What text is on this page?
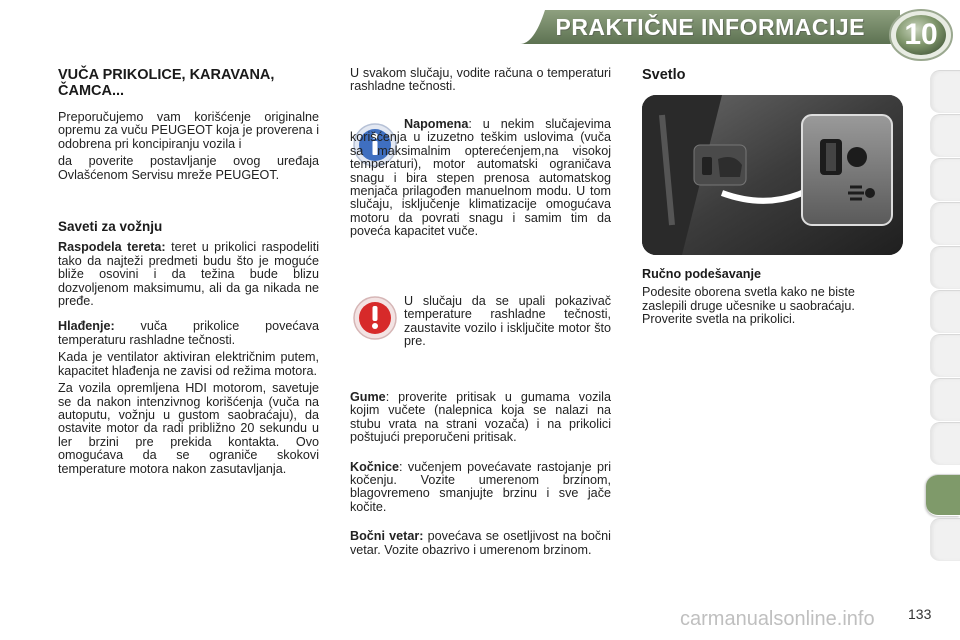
PRAKTIČNE INFORMACIJE	10
VUČA PRIKOLICE, KARAVANA, ČAMCA...

Preporučujemo vam korišćenje originalne opremu za vuču PEUGEOT koja je proverena i odobrena pri koncipiranju vozila i

da poverite postavljanje ovog uređaja Ovlašćenom Servisu mreže PEUGEOT.

Saveti za vožnju

Raspodela tereta: teret u prikolici raspodeliti tako da najteži predmeti budu što je moguće bliže osovini i da težina bude blizu dozvoljenom maksimumu, ali da ga nikada ne pređe.

Hlađenje: vuča prikolice povećava temperaturu rashladne tečnosti.

Kada je ventilator aktiviran električnim putem, kapacitet hlađenja ne zavisi od režima motora.

Za vozila opremljena HDI motorom, savetuje se da nakon intenzivnog korišćenja (vuča na autoputu, vožnju u gustom saobraćaju), da ostavite motor da radi približno 20 sekundu u ler brzini pre prekida kontakta. Ovo omogućava da se ograniče skokovi temperature motora nakon zasutavljanja.

U svakom slučaju, vodite računa o temperaturi rashladne tečnosti.

Napomena: u nekim slučajevima korišćenja u izuzetno teškim uslovima (vuča sa maksimalnim opterećenjem,na visokoj temperaturi), motor automatski ograničava snagu i bira stepen prenosa automatskog menjača prilagođen manuelnom modu. U tom slučaju, isključenje klimatizacije omogućava motoru da povrati snagu i samim tim da poveća kapacitet vuče.

U slučaju da se upali pokazivač temperature rashladne tečnosti, zaustavite vozilo i isključite motor što pre.

Gume: proverite pritisak u gumama vozila kojim vučete (nalepnica koja se nalazi na stubu vrata na strani vozača) i na prikolici poštujući preporučeni pritisak.

Kočnice: vučenjem povećavate rastojanje pri kočenju. Vozite umerenom brzinom, blagovremeno smanjujte brzinu i sve jače kočite.

Bočni vetar: povećava se osetljivost na bočni vetar. Vozite obazrivo i umerenom brzinom.

Svetlo
Ručno podešavanje

Podesite oborena svetla kako ne biste zaslepili druge učesnike u saobraćaju. Proverite svetla na prikolici.

carmanualsonline.info 133
